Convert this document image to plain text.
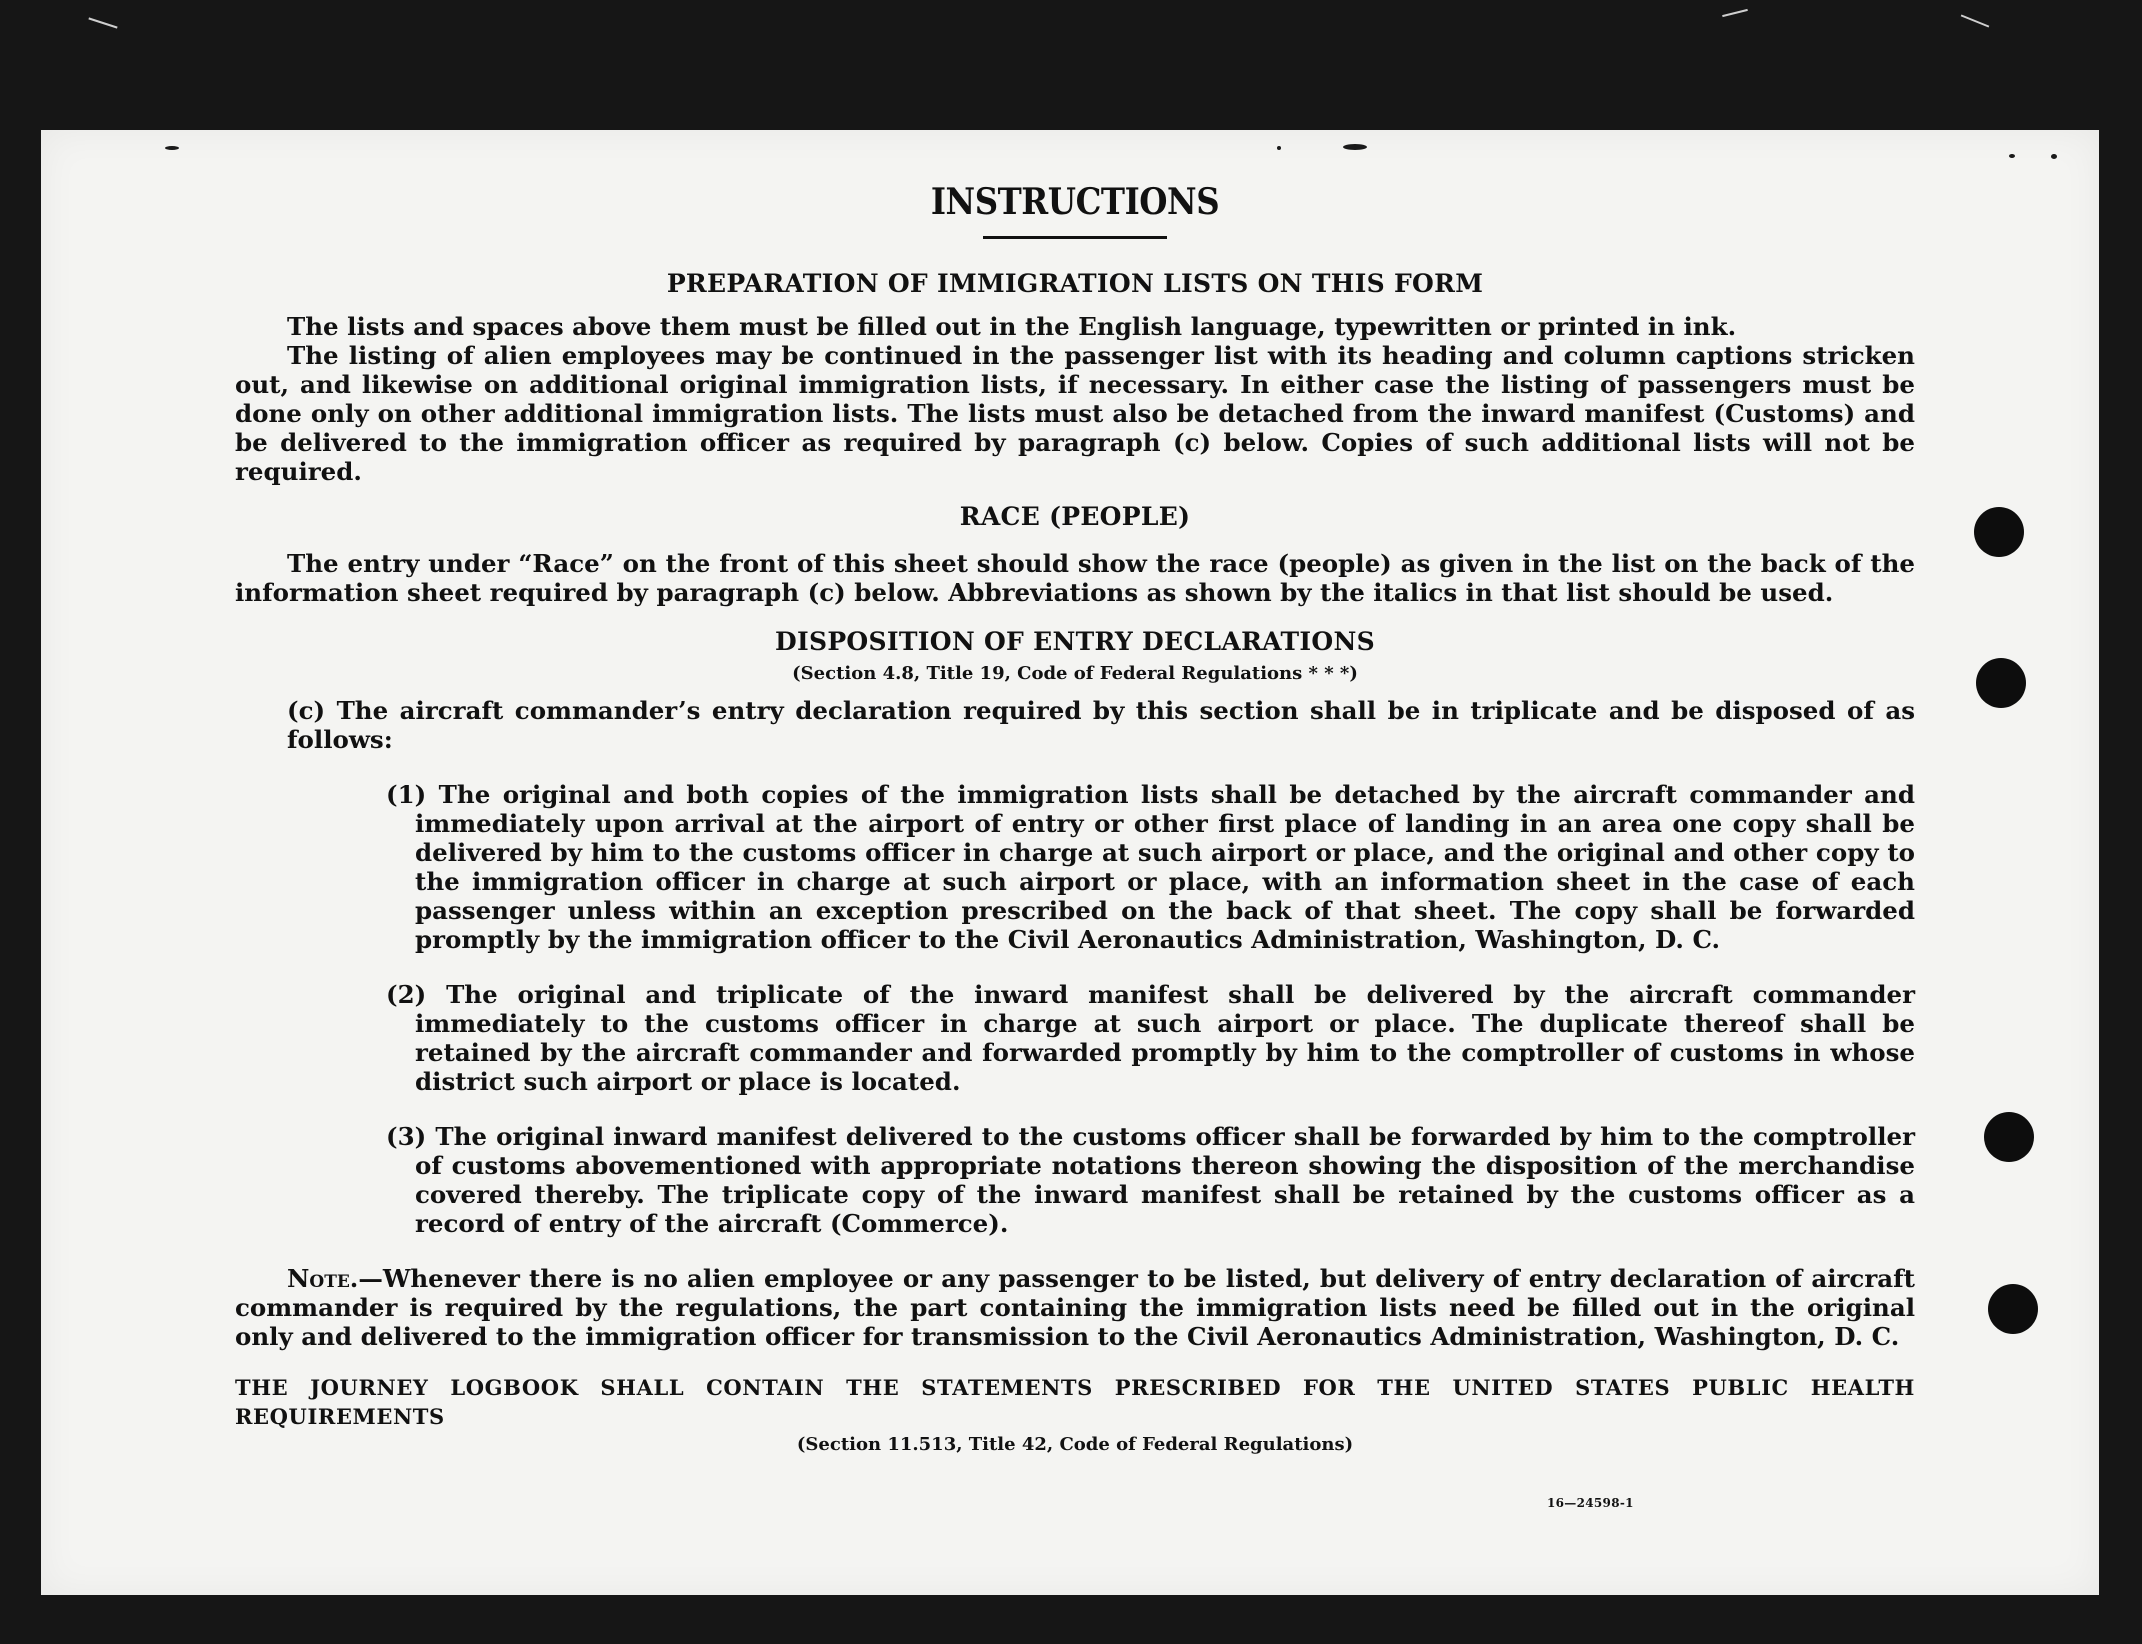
INSTRUCTIONS
PREPARATION OF IMMIGRATION LISTS ON THIS FORM

The lists and spaces above them must be filled out in the English language, typewritten or printed in ink.

The listing of alien employees may be continued in the passenger list with its heading and column captions stricken out, and likewise on additional original immigration lists, if necessary. In either case the listing of passengers must be done only on other additional immigration lists. The lists must also be detached from the inward manifest (Customs) and be delivered to the immigration officer as required by paragraph (c) below. Copies of such additional lists will not be required.

RACE (PEOPLE)

The entry under “Race” on the front of this sheet should show the race (people) as given in the list on the back of the information sheet required by paragraph (c) below. Abbreviations as shown by the italics in that list should be used.

DISPOSITION OF ENTRY DECLARATIONS
(Section 4.8, Title 19, Code of Federal Regulations * * *)

(c) The aircraft commander’s entry declaration required by this section shall be in triplicate and be disposed of as follows:

(1) The original and both copies of the immigration lists shall be detached by the aircraft commander and immediately upon arrival at the airport of entry or other first place of landing in an area one copy shall be delivered by him to the customs officer in charge at such airport or place, and the original and other copy to the immigration officer in charge at such airport or place, with an information sheet in the case of each passenger unless within an exception prescribed on the back of that sheet. The copy shall be forwarded promptly by the immigration officer to the Civil Aeronautics Administration, Washington, D. C.

(2) The original and triplicate of the inward manifest shall be delivered by the aircraft commander immediately to the customs officer in charge at such airport or place. The duplicate thereof shall be retained by the aircraft commander and forwarded promptly by him to the comptroller of customs in whose district such airport or place is located.

(3) The original inward manifest delivered to the customs officer shall be forwarded by him to the comptroller of customs abovementioned with appropriate notations thereon showing the disposition of the merchandise covered thereby. The triplicate copy of the inward manifest shall be retained by the customs officer as a record of entry of the aircraft (Commerce).

Note.—Whenever there is no alien employee or any passenger to be listed, but delivery of entry declaration of aircraft commander is required by the regulations, the part containing the immigration lists need be filled out in the original only and delivered to the immigration officer for transmission to the Civil Aeronautics Administration, Washington, D. C.

THE JOURNEY LOGBOOK SHALL CONTAIN THE STATEMENTS PRESCRIBED FOR THE UNITED STATES PUBLIC HEALTH REQUIREMENTS

(Section 11.513, Title 42, Code of Federal Regulations)
16—24598-1
